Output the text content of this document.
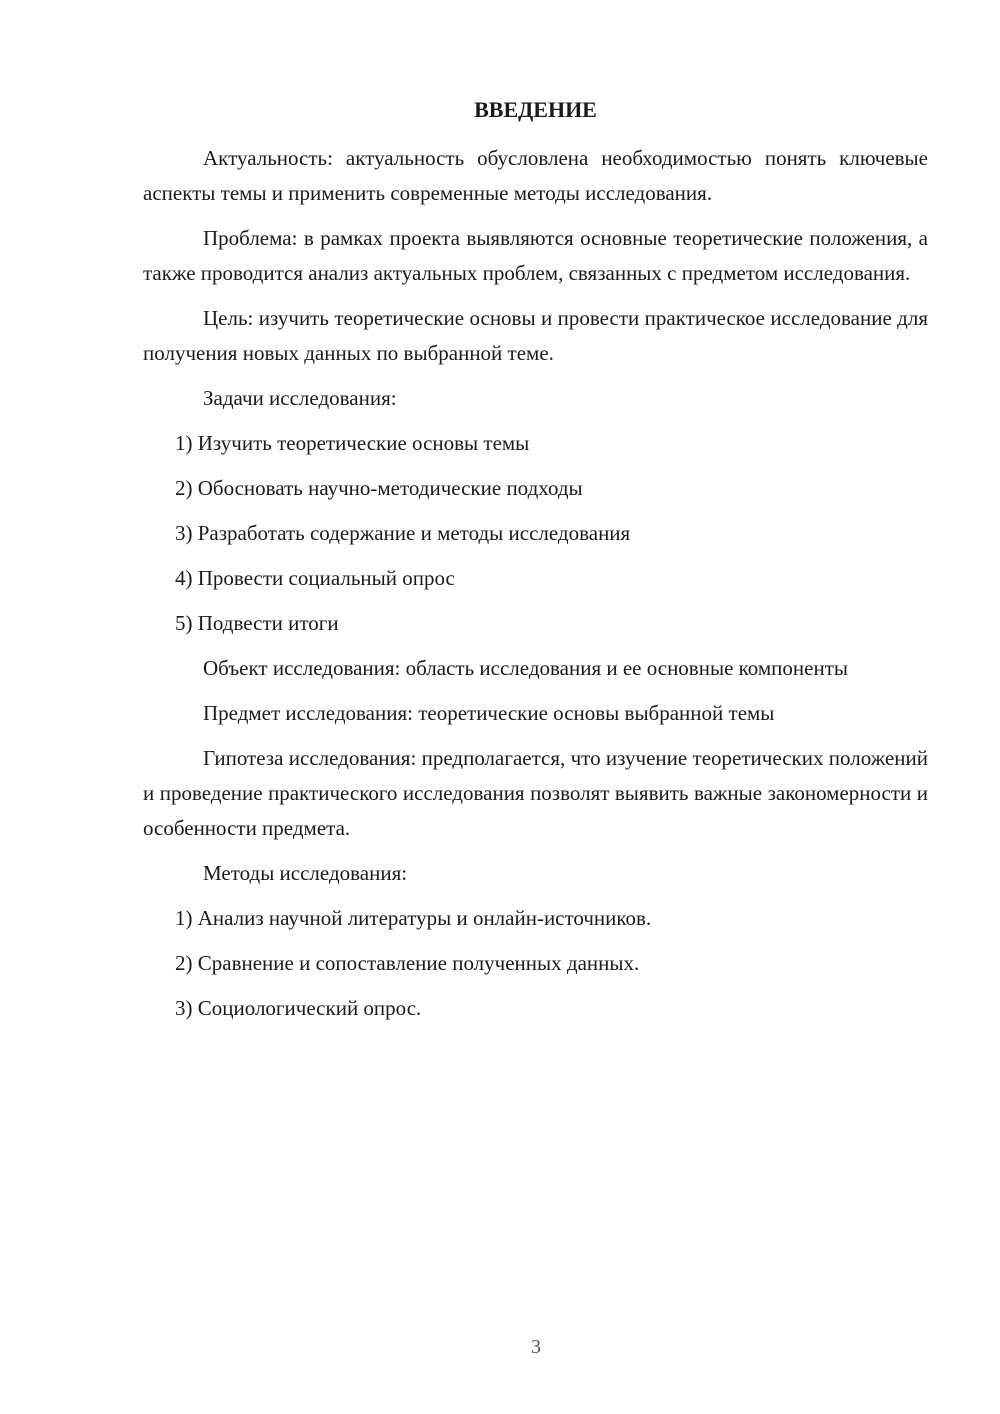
ВВЕДЕНИЕ

Актуальность: актуальность обусловлена необходимостью понять ключевые аспекты темы и применить современные методы исследования.

Проблема: в рамках проекта выявляются основные теоретические положения, а также проводится анализ актуальных проблем, связанных с предметом исследования.

Цель: изучить теоретические основы и провести практическое исследование для получения новых данных по выбранной теме.

Задачи исследования:

1) Изучить теоретические основы темы
2) Обосновать научно-методические подходы
3) Разработать содержание и методы исследования
4) Провести социальный опрос
5) Подвести итоги

Объект исследования: область исследования и ее основные компоненты

Предмет исследования: теоретические основы выбранной темы

Гипотеза исследования: предполагается, что изучение теоретических положений и проведение практического исследования позволят выявить важные закономерности и особенности предмета.

Методы исследования:

1) Анализ научной литературы и онлайн-источников.
2) Сравнение и сопоставление полученных данных.
3) Социологический опрос.
3
